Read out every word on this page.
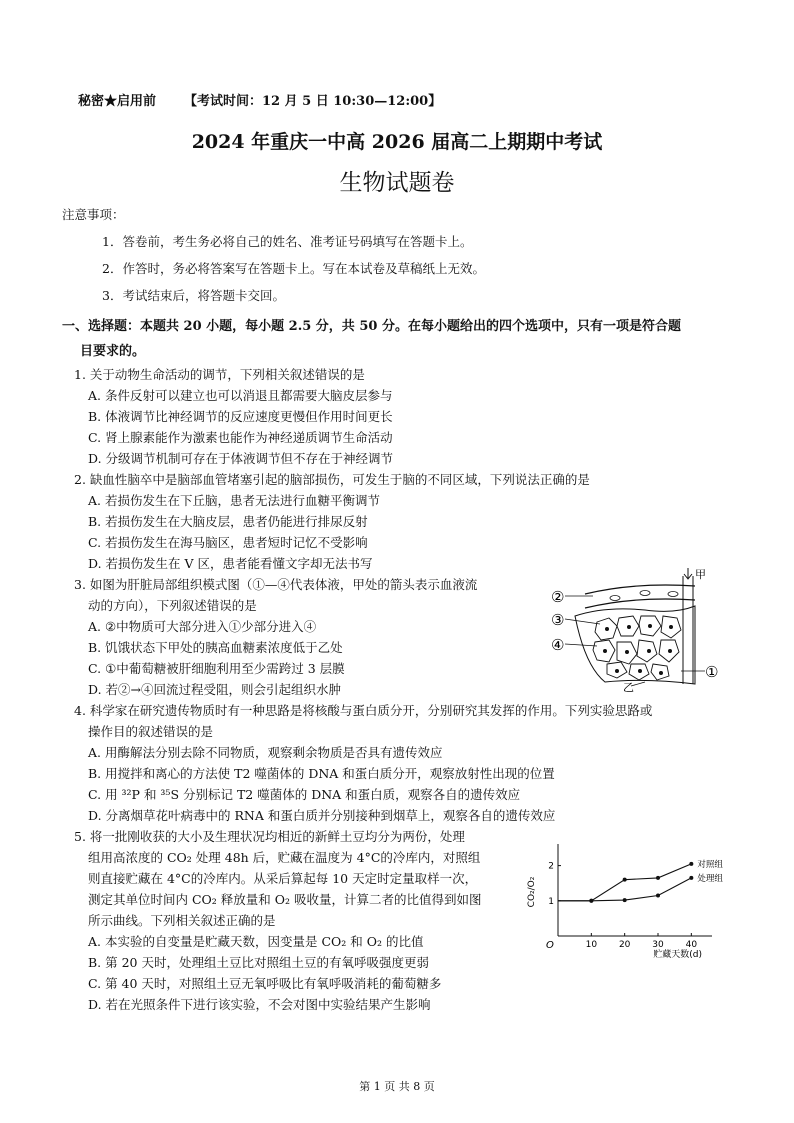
秘密★启用前 【考试时间：12 月 5 日 10:30—12:00】
2024 年重庆一中高 2026 届高二上期期中考试
生物试题卷
注意事项：
1．答卷前，考生务必将自己的姓名、准考证号码填写在答题卡上。
2．作答时，务必将答案写在答题卡上。写在本试卷及草稿纸上无效。
3．考试结束后，将答题卡交回。
一、选择题：本题共 20 小题，每小题 2.5 分，共 50 分。在每小题给出的四个选项中，只有一项是符合题
目要求的。
1. 关于动物生命活动的调节，下列相关叙述错误的是
A. 条件反射可以建立也可以消退且都需要大脑皮层参与
B. 体液调节比神经调节的反应速度更慢但作用时间更长
C. 肾上腺素能作为激素也能作为神经递质调节生命活动
D. 分级调节机制可存在于体液调节但不存在于神经调节
2. 缺血性脑卒中是脑部血管堵塞引起的脑部损伤，可发生于脑的不同区域，下列说法正确的是
A. 若损伤发生在下丘脑，患者无法进行血糖平衡调节
B. 若损伤发生在大脑皮层，患者仍能进行排尿反射
C. 若损伤发生在海马脑区，患者短时记忆不受影响
D. 若损伤发生在 V 区，患者能看懂文字却无法书写
3. 如图为肝脏局部组织模式图（①—④代表体液，甲处的箭头表示血液流
动的方向），下列叙述错误的是
A. ②中物质可大部分进入①少部分进入④
B. 饥饿状态下甲处的胰高血糖素浓度低于乙处
C. ①中葡萄糖被肝细胞利用至少需跨过 3 层膜
D. 若②→④回流过程受阻，则会引起组织水肿
②
③
④
①
甲
乙
4. 科学家在研究遗传物质时有一种思路是将核酸与蛋白质分开，分别研究其发挥的作用。下列实验思路或
操作目的叙述错误的是
A. 用酶解法分别去除不同物质，观察剩余物质是否具有遗传效应
B. 用搅拌和离心的方法使 T2 噬菌体的 DNA 和蛋白质分开，观察放射性出现的位置
C. 用 ³²P 和 ³⁵S 分别标记 T2 噬菌体的 DNA 和蛋白质，观察各自的遗传效应
D. 分离烟草花叶病毒中的 RNA 和蛋白质并分别接种到烟草上，观察各自的遗传效应
5. 将一批刚收获的大小及生理状况均相近的新鲜土豆均分为两份，处理
组用高浓度的 CO₂ 处理 48h 后，贮藏在温度为 4°C的冷库内，对照组
则直接贮藏在 4°C的冷库内。从采后算起每 10 天定时定量取样一次，
测定其单位时间内 CO₂ 释放量和 O₂ 吸收量，计算二者的比值得到如图
所示曲线。下列相关叙述正确的是
A. 本实验的自变量是贮藏天数，因变量是 CO₂ 和 O₂ 的比值
B. 第 20 天时，处理组土豆比对照组土豆的有氧呼吸强度更弱
C. 第 40 天时，对照组土豆无氧呼吸比有氧呼吸消耗的葡萄糖多
D. 若在光照条件下进行该实验，不会对图中实验结果产生影响
10 20 30 40
1
2
O
贮藏天数(d)
CO₂/O₂
对照组
处理组
第 1 页 共 8 页
